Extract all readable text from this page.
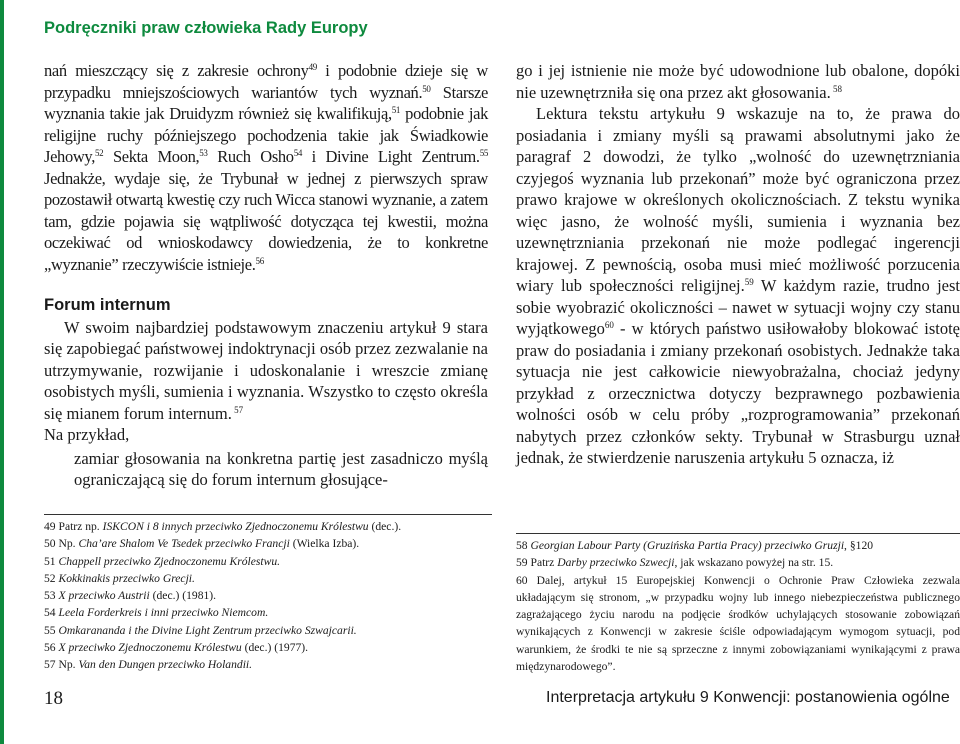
Podręczniki praw człowieka Rady Europy

nań mieszczący się z zakresie ochrony$^{49}$ i podobnie dzieje się w przypadku mniejszościowych wariantów tych wyznań.$^{50}$ Starsze wyznania takie jak Druidyzm również się kwalifikują,$^{51}$ podobnie jak religijne ruchy późniejszego pochodzenia takie jak Świadkowie Jehowy,$^{52}$ Sekta Moon,$^{53}$ Ruch Osho$^{54}$ i Divine Light Zentrum.$^{55}$ Jednakże, wydaje się, że Trybunał w jednej z pierwszych spraw pozostawił otwartą kwestię czy ruch Wicca stanowi wyznanie, a zatem tam, gdzie pojawia się wątpliwość dotycząca tej kwestii, można oczekiwać od wnioskodawcy dowiedzenia, że to konkretne „wyznanie” rzeczywiście istnieje.$^{56}$

Forum internum

W swoim najbardziej podstawowym znaczeniu artykuł 9 stara się zapobiegać państwowej indoktrynacji osób przez zezwalanie na utrzymywanie, rozwijanie i udoskonalanie i wreszcie zmianę osobistych myśli, sumienia i wyznania. Wszystko to często określa się mianem forum internum. $^{57}$

Na przykład,

zamiar głosowania na konkretna partię jest zasadniczo myślą ograniczającą się do forum internum głosujące-

go i jej istnienie nie może być udowodnione lub obalone, dopóki nie uzewnętrzniła się ona przez akt głosowania. $^{58}$

Lektura tekstu artykułu 9 wskazuje na to, że prawa do posiadania i zmiany myśli są prawami absolutnymi jako że paragraf 2 dowodzi, że tylko „wolność do uzewnętrzniania czyjegoś wyznania lub przekonań” może być ograniczona przez prawo krajowe w określonych okolicznościach. Z tekstu wynika więc jasno, że wolność myśli, sumienia i wyznania bez uzewnętrzniania przekonań nie może podlegać ingerencji krajowej. Z pewnością, osoba musi mieć możliwość porzucenia wiary lub społeczności religijnej.$^{59}$ W każdym razie, trudno jest sobie wyobrazić okoliczności – nawet w sytuacji wojny czy stanu wyjątkowego$^{60}$ - w których państwo usiłowałoby blokować istotę praw do posiadania i zmiany przekonań osobistych. Jednakże taka sytuacja nie jest całkowicie niewyobrażalna, chociaż jedyny przykład z orzecznictwa dotyczy bezprawnego pozbawienia wolności osób w celu próby „rozprogramowania” przekonań nabytych przez członków sekty. Trybunał w Strasburgu uznał jednak, że stwierdzenie naruszenia artykułu 5 oznacza, iż

49 Patrz np. ISKCON i 8 innych przeciwko Zjednoczonemu Królestwu (dec.).

50 Np. Cha’are Shalom Ve Tsedek przeciwko Francji (Wielka Izba).

51 Chappell przeciwko Zjednoczonemu Królestwu.

52 Kokkinakis przeciwko Grecji.

53 X przeciwko Austrii (dec.) (1981).

54 Leela Forderkreis i inni przeciwko Niemcom.

55 Omkarananda i the Divine Light Zentrum przeciwko Szwajcarii.

56 X przeciwko Zjednoczonemu Królestwu (dec.) (1977).

57 Np. Van den Dungen przeciwko Holandii.

58 Georgian Labour Party (Gruzińska Partia Pracy) przeciwko Gruzji, §120

59 Patrz Darby przeciwko Szwecji, jak wskazano powyżej na str. 15.

60 Dalej, artykuł 15 Europejskiej Konwencji o Ochronie Praw Człowieka zezwala układającym się stronom, „w przypadku wojny lub innego niebezpieczeństwa publicznego zagrażającego życiu narodu na podjęcie środków uchylających stosowanie zobowiązań wynikających z Konwencji w zakresie ściśle odpowiadającym wymogom sytuacji, pod warunkiem, że środki te nie są sprzeczne z innymi zobowiązaniami wynikającymi z prawa międzynarodowego”.

18	Interpretacja artykułu 9 Konwencji: postanowienia ogólne
